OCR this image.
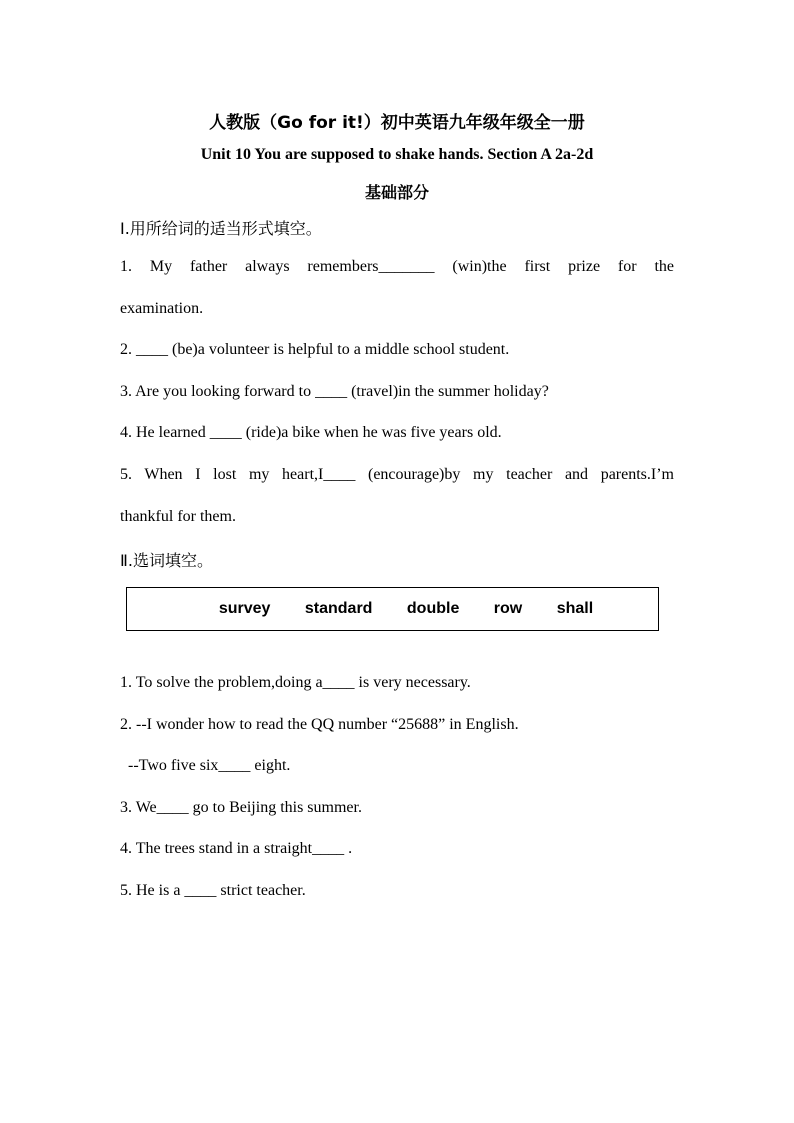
人教版（Go for it!）初中英语九年级年级全一册
Unit 10 You are supposed to shake hands. Section A 2a-2d
基础部分
Ⅰ.用所给词的适当形式填空。
1. My father always remembers_______ (win)the first prize for the
examination.
2. ____ (be)a volunteer is helpful to a middle school student.
3. Are you looking forward to ____ (travel)in the summer holiday?
4. He learned ____ (ride)a bike when he was five years old.
5. When I lost my heart,I____ (encourage)by my teacher and parents.I’m
thankful for them.
Ⅱ.选词填空。
survey standard double row shall
1. To solve the problem,doing a____ is very necessary.
2. --I wonder how to read the QQ number “25688” in English.
--Two five six____ eight.
3. We____ go to Beijing this summer.
4. The trees stand in a straight____ .
5. He is a ____ strict teacher.
